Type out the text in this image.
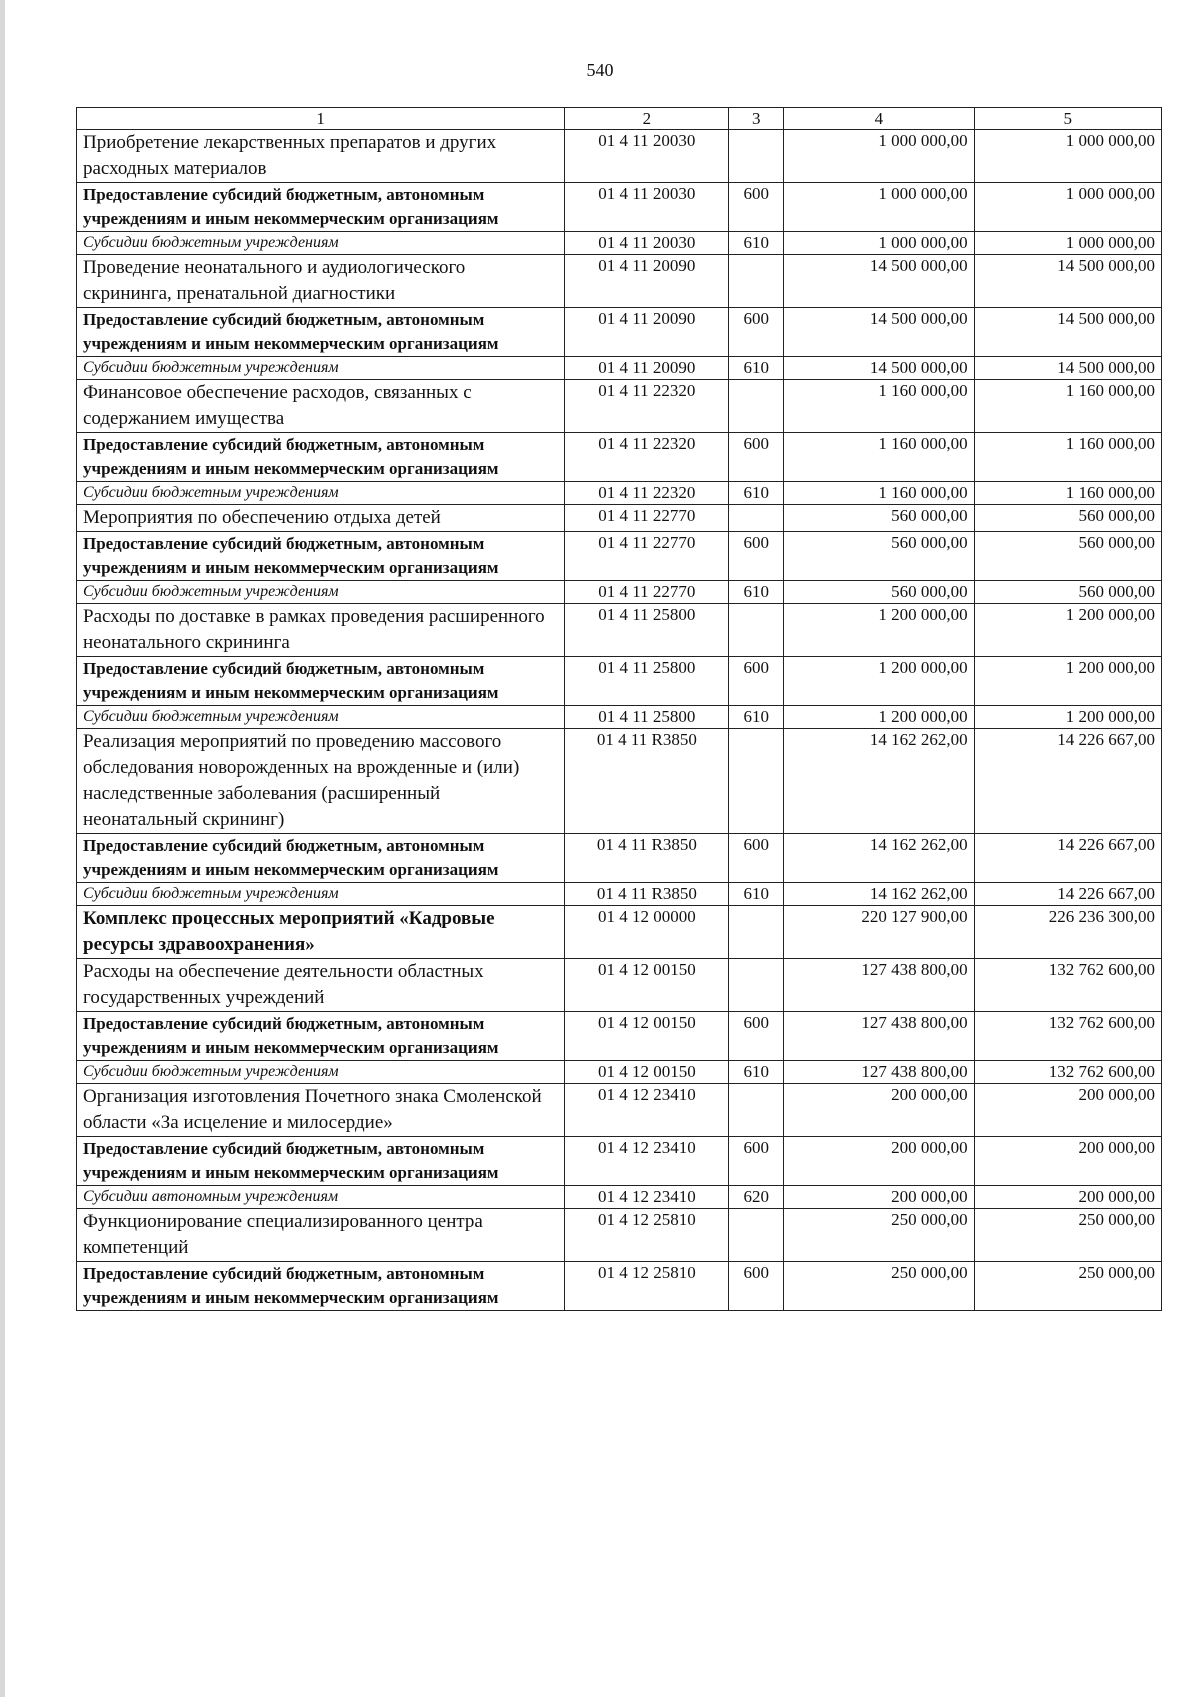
540
1	2	3	4	5
Приобретение лекарственных препаратов и других расходных материалов	01 4 11 20030		1 000 000,00	1 000 000,00
Предоставление субсидий бюджетным, автономным учреждениям и иным некоммерческим организациям	01 4 11 20030	600	1 000 000,00	1 000 000,00
Субсидии бюджетным учреждениям	01 4 11 20030	610	1 000 000,00	1 000 000,00
Проведение неонатального и аудиологического скрининга, пренатальной диагностики	01 4 11 20090		14 500 000,00	14 500 000,00
Предоставление субсидий бюджетным, автономным учреждениям и иным некоммерческим организациям	01 4 11 20090	600	14 500 000,00	14 500 000,00
Субсидии бюджетным учреждениям	01 4 11 20090	610	14 500 000,00	14 500 000,00
Финансовое обеспечение расходов, связанных с содержанием имущества	01 4 11 22320		1 160 000,00	1 160 000,00
Предоставление субсидий бюджетным, автономным учреждениям и иным некоммерческим организациям	01 4 11 22320	600	1 160 000,00	1 160 000,00
Субсидии бюджетным учреждениям	01 4 11 22320	610	1 160 000,00	1 160 000,00
Мероприятия по обеспечению отдыха детей	01 4 11 22770		560 000,00	560 000,00
Предоставление субсидий бюджетным, автономным учреждениям и иным некоммерческим организациям	01 4 11 22770	600	560 000,00	560 000,00
Субсидии бюджетным учреждениям	01 4 11 22770	610	560 000,00	560 000,00
Расходы по доставке в рамках проведения расширенного неонатального скрининга	01 4 11 25800		1 200 000,00	1 200 000,00
Предоставление субсидий бюджетным, автономным учреждениям и иным некоммерческим организациям	01 4 11 25800	600	1 200 000,00	1 200 000,00
Субсидии бюджетным учреждениям	01 4 11 25800	610	1 200 000,00	1 200 000,00
Реализация мероприятий по проведению массового обследования новорожденных на врожденные и (или) наследственные заболевания (расширенный неонатальный скрининг)	01 4 11 R3850		14 162 262,00	14 226 667,00
Предоставление субсидий бюджетным, автономным учреждениям и иным некоммерческим организациям	01 4 11 R3850	600	14 162 262,00	14 226 667,00
Субсидии бюджетным учреждениям	01 4 11 R3850	610	14 162 262,00	14 226 667,00
Комплекс процессных мероприятий «Кадровые ресурсы здравоохранения»	01 4 12 00000		220 127 900,00	226 236 300,00
Расходы на обеспечение деятельности областных государственных учреждений	01 4 12 00150		127 438 800,00	132 762 600,00
Предоставление субсидий бюджетным, автономным учреждениям и иным некоммерческим организациям	01 4 12 00150	600	127 438 800,00	132 762 600,00
Субсидии бюджетным учреждениям	01 4 12 00150	610	127 438 800,00	132 762 600,00
Организация изготовления Почетного знака Смоленской области «За исцеление и милосердие»	01 4 12 23410		200 000,00	200 000,00
Предоставление субсидий бюджетным, автономным учреждениям и иным некоммерческим организациям	01 4 12 23410	600	200 000,00	200 000,00
Субсидии автономным учреждениям	01 4 12 23410	620	200 000,00	200 000,00
Функционирование специализированного центра компетенций	01 4 12 25810		250 000,00	250 000,00
Предоставление субсидий бюджетным, автономным учреждениям и иным некоммерческим организациям	01 4 12 25810	600	250 000,00	250 000,00
